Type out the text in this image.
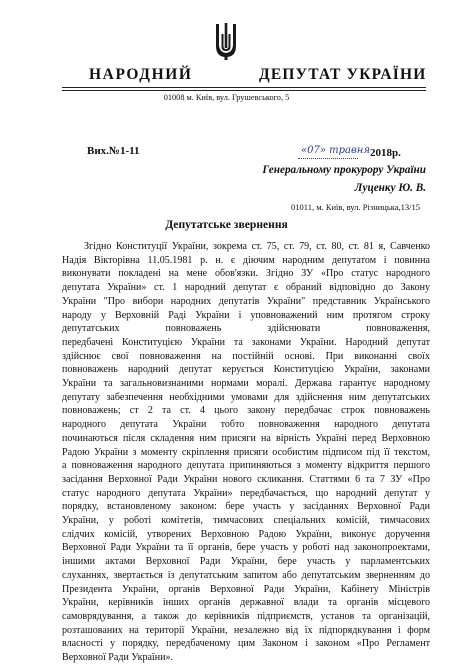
НАРОДНИЙ	ДЕПУТАТ УКРАЇНИ
01008 м. Київ, вул. Грушевського, 5
Вих.№1-11	«07» травня 2018р.
Генеральному прокурору України
Луценку Ю. В.
01011, м. Київ, вул. Різницька,13/15
Депутатське звернення
Згідно Конституції України, зокрема ст. 75, ст. 79, ст. 80, ст. 81 я, Савченко
Надія Вікторівна 11.05.1981 р. н. є діючим народним депутатом і повинна
виконувати покладені на мене обов'язки. Згідно ЗУ «Про статус народного
депутата України» ст. 1 народний депутат є обраний відповідно до Закону
України "Про вибори народних депутатів України" представник Українського
народу у Верховній Раді України і уповноважений ним протягом строку
депутатських повноважень здійснювати повноваження,
передбачені Конституцією України та законами України. Народний депутат
здійснює свої повноваження на постійній основі. При виконанні своїх
повноважень народний депутат керується Конституцією України, законами
України та загальновизнаними нормами моралі. Держава гарантує народному
депутату забезпечення необхідними умовами для здійснення ним депутатських
повноважень; ст 2 та ст. 4 цього закону передбачає строк повноважень
народного депутата України тобто повноваження народного депутата
починаються після складення ним присяги на вірність Україні перед Верховною
Радою України з моменту скріплення присяги особистим підписом під її текстом,
а повноваження народного депутата припиняються з моменту відкриття першого
засідання Верховної Ради України нового скликання. Статтями 6 та 7 ЗУ «Про
статус народного депутата України» передбачається, що народний депутат у
порядку, встановленому законом: бере участь у засіданнях Верховної Ради
України, у роботі комітетів, тимчасових спеціальних комісій, тимчасових
слідчих комісій, утворених Верховною Радою України, виконує доручення
Верховної Ради України та її органів, бере участь у роботі над законопроектами,
іншими актами Верховної Ради України, бере участь у парламентських
слуханнях, звертається із депутатським запитом або депутатським зверненням до
Президента України, органів Верховної Ради України, Кабінету Міністрів
України, керівників інших органів державної влади та органів місцевого
самоврядування, а також до керівників підприємств, установ та організацій,
розташованих на території України, незалежно від їх підпорядкування і форм
власності у порядку, передбаченому цим Законом і законом «Про Регламент
Верховної Ради України».
